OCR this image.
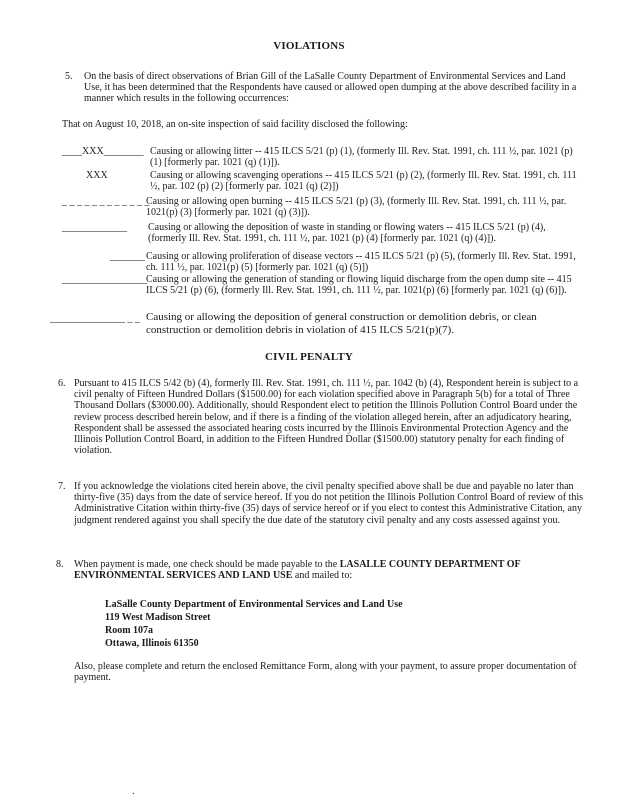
VIOLATIONS
5. On the basis of direct observations of Brian Gill of the LaSalle County Department of Environmental Services and Land Use, it has been determined that the Respondents have caused or allowed open dumping at the above described facility in a manner which results in the following occurrences:
That on August 10, 2018, an on-site inspection of said facility disclosed the following:
____XXX________ Causing or allowing litter -- 415 ILCS 5/21 (p) (1), (formerly Ill. Rev. Stat. 1991, ch. 111 ½, par. 1021 (p) (1) [formerly par. 1021 (q) (1)]).
XXX	Causing or allowing scavenging operations -- 415 ILCS 5/21 (p) (2), (formerly Ill. Rev. Stat. 1991, ch. 111 ½, par. 102 (p) (2) [formerly par. 1021 (q) (2)])
_ _ _ _ _ _ _ _ _ _ _ _
Causing or allowing open burning -- 415 ILCS 5/21 (p) (3), (formerly Ill. Rev. Stat. 1991, ch. 111 ½, par. 1021(p) (3) [formerly par. 1021 (q) (3)]).
_____________ Causing or allowing the deposition of waste in standing or flowing waters -- 415 ILCS 5/21 (p) (4), (formerly Ill. Rev. Stat. 1991, ch. 111 ½, par. 1021 (p) (4) [formerly par. 1021 (q) (4)]).
_______ Causing or allowing proliferation of disease vectors -- 415 ILCS 5/21 (p) (5), (formerly Ill. Rev. Stat. 1991, ch. 111 ½, par. 1021(p) (5) [formerly par. 1021 (q) (5)])
_________________ Causing or allowing the generation of standing or flowing liquid discharge from the open dump site -- 415 ILCS 5/21 (p) (6), (formerly Ill. Rev. Stat. 1991, ch. 111 ½, par. 1021(p) (6) [formerly par. 1021 (q) (6)]).
_______________ _ _ Causing or allowing the deposition of general construction or demolition debris, or clean construction or demolition debris in violation of 415 ILCS 5/21(p)(7).
CIVIL PENALTY
6. Pursuant to 415 ILCS 5/42 (b) (4), formerly Ill. Rev. Stat. 1991, ch. 111 ½, par. 1042 (b) (4), Respondent herein is subject to a civil penalty of Fifteen Hundred Dollars ($1500.00) for each violation specified above in Paragraph 5(b) for a total of Three Thousand Dollars ($3000.00). Additionally, should Respondent elect to petition the Illinois Pollution Control Board under the review process described herein below, and if there is a finding of the violation alleged herein, after an adjudicatory hearing, Respondent shall be assessed the associated hearing costs incurred by the Illinois Environmental Protection Agency and the Illinois Pollution Control Board, in addition to the Fifteen Hundred Dollar ($1500.00) statutory penalty for each finding of violation.
7. If you acknowledge the violations cited herein above, the civil penalty specified above shall be due and payable no later than thirty-five (35) days from the date of service hereof. If you do not petition the Illinois Pollution Control Board of review of this Administrative Citation within thirty-five (35) days of service hereof or if you elect to contest this Administrative Citation, any judgment rendered against you shall specify the due date of the statutory civil penalty and any costs assessed against you.
8. When payment is made, one check should be made payable to the LASALLE COUNTY DEPARTMENT OF ENVIRONMENTAL SERVICES AND LAND USE and mailed to:
LaSalle County Department of Environmental Services and Land Use
119 West Madison Street
Room 107a
Ottawa, Illinois 61350
Also, please complete and return the enclosed Remittance Form, along with your payment, to assure proper documentation of payment.
.
